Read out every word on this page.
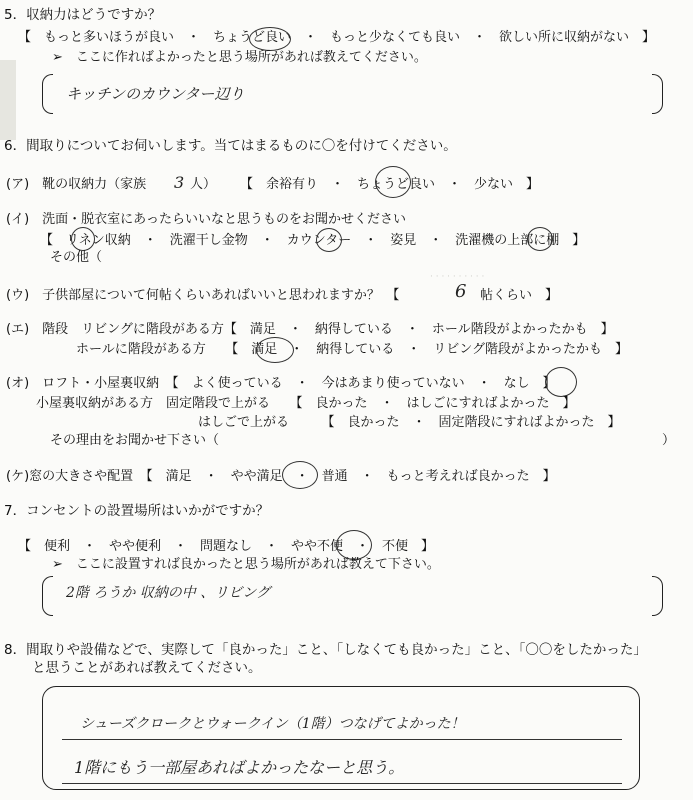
· · · · · · · · · ·
5．収納力はどうですか？
【　もっと多いほうが良い　・　ちょうど良い　・　もっと少なくても良い　・　欲しい所に収納がない　】
➢　ここに作ればよかったと思う場所があれば教えてください。
キッチンのカウンター辺り
6．間取りについてお伺いします。当てはまるものに〇を付けてください。
(ア)　靴の収納力（家族 3 人） 【　余裕有り　・　ちょうど良い　・　少ない　】
(イ)　洗面・脱衣室にあったらいいなと思うものをお聞かせください
【　リネン収納　・　洗濯干し金物　・　カウンター　・　姿見　・　洗濯機の上部に棚　】
その他（
(ウ)　子供部屋について何帖くらいあればいいと思われますか？　【	6 帖くらい　】
(エ)　階段　リビングに階段がある方【　満足　・　納得している　・　ホール階段がよかったかも　】
ホールに階段がある方　　【　満足　・　納得している　・　リビング階段がよかったかも　】
(オ)　ロフト・小屋裏収納　【　よく使っている　・　今はあまり使っていない　・　なし　】
小屋裏収納がある方　固定階段で上がる　　【　良かった　・　はしごにすればよかった　】
はしごで上がる　　　【　良かった　・　固定階段にすればよかった　】
その理由をお聞かせ下さい（	）
(ケ)窓の大きさや配置　【　満足　・　やや満足　・　普通　・　もっと考えれば良かった　】
7．コンセントの設置場所はいかがですか？
【　便利　・　やや便利　・　問題なし　・　やや不便　・　不便　】
➢　ここに設置すれば良かったと思う場所があれば教えて下さい。
2階 ろうか 収納の中 、リビング
8．間取りや設備などで、実際して「良かった」こと、「しなくても良かった」こと、「〇〇をしたかった」
と思うことがあれば教えてください。
シューズクロークとウォークイン（1階）つなげてよかった！
1階にもう一部屋あればよかったなーと思う。
